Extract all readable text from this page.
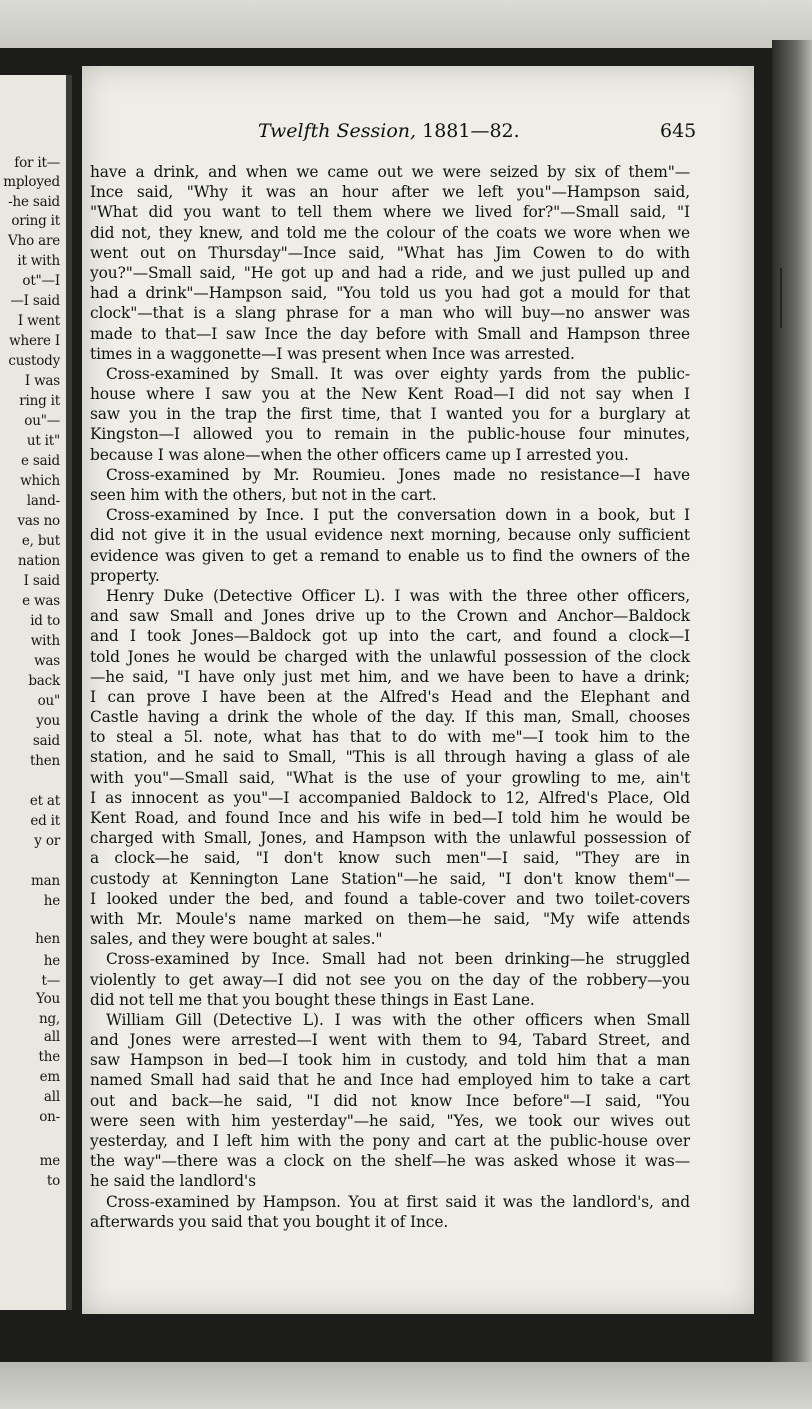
for it—
mployed
-he said
oring it
Vho are
it with
ot"—I
—I said
I went
where I
custody
I was
ring it
ou"—
ut it"
e said
which
land-
vas no
e, but
nation
I said
e was
id to
with
was
back
ou"
you
said
then
et at
ed it
y or
man
he
hen
he
t—
You
ng,
all
the
em
all
on-
me
to
Twelfth Session, 1881—82.	645
have a drink, and when we came out we were seized by six of them"—
Ince said, "Why it was an hour after we left you"—Hampson said,
"What did you want to tell them where we lived for?"—Small said, "I
did not, they knew, and told me the colour of the coats we wore when we
went out on Thursday"—Ince said, "What has Jim Cowen to do with
you?"—Small said, "He got up and had a ride, and we just pulled up and
had a drink"—Hampson said, "You told us you had got a mould for that
clock"—that is a slang phrase for a man who will buy—no answer was
made to that—I saw Ince the day before with Small and Hampson three
times in a waggonette—I was present when Ince was arrested.
Cross-examined by Small. It was over eighty yards from the public-
house where I saw you at the New Kent Road—I did not say when I
saw you in the trap the first time, that I wanted you for a burglary at
Kingston—I allowed you to remain in the public-house four minutes,
because I was alone—when the other officers came up I arrested you.
Cross-examined by Mr. Roumieu. Jones made no resistance—I have
seen him with the others, but not in the cart.
Cross-examined by Ince. I put the conversation down in a book, but I
did not give it in the usual evidence next morning, because only sufficient
evidence was given to get a remand to enable us to find the owners of the
property.
Henry Duke (Detective Officer L). I was with the three other officers,
and saw Small and Jones drive up to the Crown and Anchor—Baldock
and I took Jones—Baldock got up into the cart, and found a clock—I
told Jones he would be charged with the unlawful possession of the clock
—he said, "I have only just met him, and we have been to have a drink;
I can prove I have been at the Alfred's Head and the Elephant and
Castle having a drink the whole of the day. If this man, Small, chooses
to steal a 5l. note, what has that to do with me"—I took him to the
station, and he said to Small, "This is all through having a glass of ale
with you"—Small said, "What is the use of your growling to me, ain't
I as innocent as you"—I accompanied Baldock to 12, Alfred's Place, Old
Kent Road, and found Ince and his wife in bed—I told him he would be
charged with Small, Jones, and Hampson with the unlawful possession of
a clock—he said, "I don't know such men"—I said, "They are in
custody at Kennington Lane Station"—he said, "I don't know them"—
I looked under the bed, and found a table-cover and two toilet-covers
with Mr. Moule's name marked on them—he said, "My wife attends
sales, and they were bought at sales."
Cross-examined by Ince. Small had not been drinking—he struggled
violently to get away—I did not see you on the day of the robbery—you
did not tell me that you bought these things in East Lane.
William Gill (Detective L). I was with the other officers when Small
and Jones were arrested—I went with them to 94, Tabard Street, and
saw Hampson in bed—I took him in custody, and told him that a man
named Small had said that he and Ince had employed him to take a cart
out and back—he said, "I did not know Ince before"—I said, "You
were seen with him yesterday"—he said, "Yes, we took our wives out
yesterday, and I left him with the pony and cart at the public-house over
the way"—there was a clock on the shelf—he was asked whose it was—
he said the landlord's
Cross-examined by Hampson. You at first said it was the landlord's, and
afterwards you said that you bought it of Ince.
